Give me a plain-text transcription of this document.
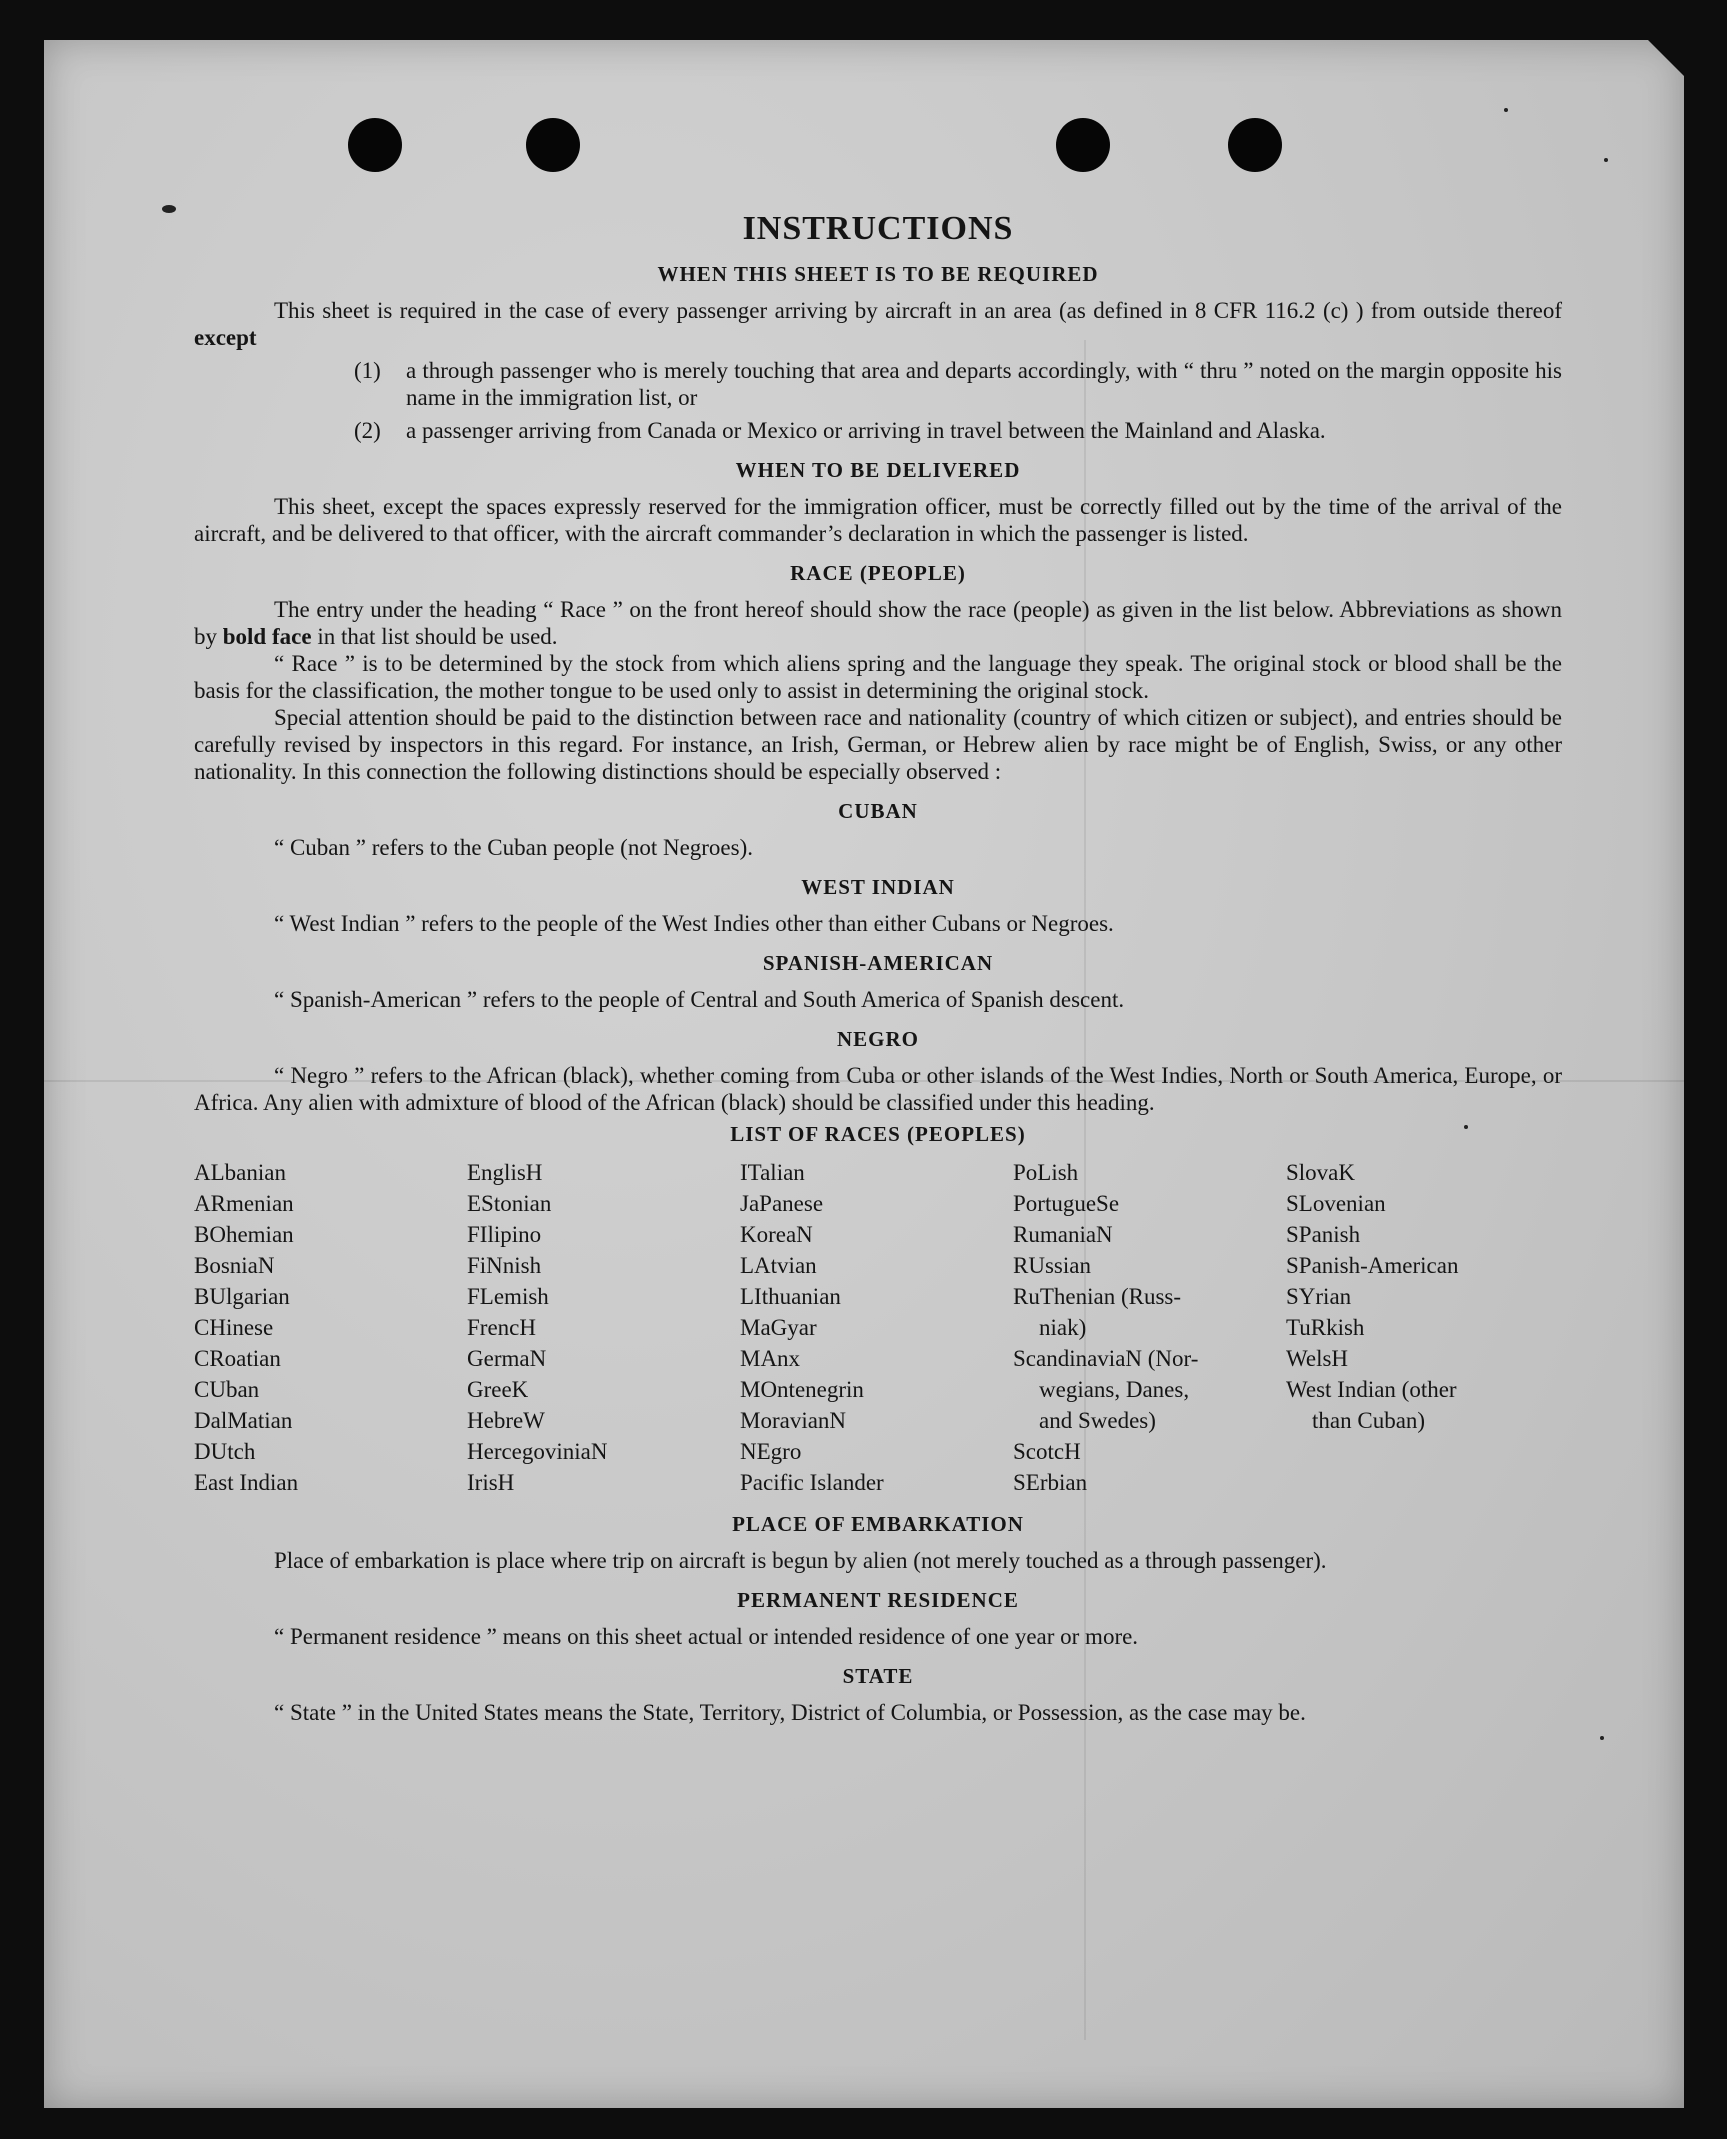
INSTRUCTIONS
WHEN THIS SHEET IS TO BE REQUIRED

This sheet is required in the case of every passenger arriving by aircraft in an area (as defined in 8 CFR 116.2 (c) ) from outside thereof except

(1)	a through passenger who is merely touching that area and departs accordingly, with “ thru ” noted on the margin opposite his name in the immigration list, or
(2)	a passenger arriving from Canada or Mexico or arriving in travel between the Mainland and Alaska.
WHEN TO BE DELIVERED

This sheet, except the spaces expressly reserved for the immigration officer, must be correctly filled out by the time of the arrival of the aircraft, and be delivered to that officer, with the aircraft commander’s declaration in which the passenger is listed.

RACE (PEOPLE)

The entry under the heading “ Race ” on the front hereof should show the race (people) as given in the list below. Abbreviations as shown by bold face in that list should be used.

“ Race ” is to be determined by the stock from which aliens spring and the language they speak. The original stock or blood shall be the basis for the classification, the mother tongue to be used only to assist in determining the original stock.

Special attention should be paid to the distinction between race and nationality (country of which citizen or subject), and entries should be carefully revised by inspectors in this regard. For instance, an Irish, German, or Hebrew alien by race might be of English, Swiss, or any other nationality. In this connection the following distinctions should be especially observed :

CUBAN

“ Cuban ” refers to the Cuban people (not Negroes).

WEST INDIAN

“ West Indian ” refers to the people of the West Indies other than either Cubans or Negroes.

SPANISH-AMERICAN

“ Spanish-American ” refers to the people of Central and South America of Spanish descent.

NEGRO

“ Negro ” refers to the African (black), whether coming from Cuba or other islands of the West Indies, North or South America, Europe, or Africa. Any alien with admixture of blood of the African (black) should be classified under this heading.

LIST OF RACES (PEOPLES)
ALbanian
ARmenian
BOhemian
BosniaN
BUlgarian
CHinese
CRoatian
CUban
DalMatian
DUtch
East Indian
EnglisH
EStonian
FIlipino
FiNnish
FLemish
FrencH
GermaN
GreeK
HebreW
HercegoviniaN
IrisH
ITalian
JaPanese
KoreaN
LAtvian
LIthuanian
MaGyar
MAnx
MOntenegrin
MoravianN
NEgro
Pacific Islander
PoLish
PortugueSe
RumaniaN
RUssian
RuThenian (Russ-
niak)
ScandinaviaN (Nor-
wegians, Danes,
and Swedes)
ScotcH
SErbian
SlovaK
SLovenian
SPanish
SPanish-American
SYrian
TuRkish
WelsH
West Indian (other
than Cuban)
PLACE OF EMBARKATION

Place of embarkation is place where trip on aircraft is begun by alien (not merely touched as a through passenger).

PERMANENT RESIDENCE

“ Permanent residence ” means on this sheet actual or intended residence of one year or more.

STATE

“ State ” in the United States means the State, Territory, District of Columbia, or Possession, as the case may be.
